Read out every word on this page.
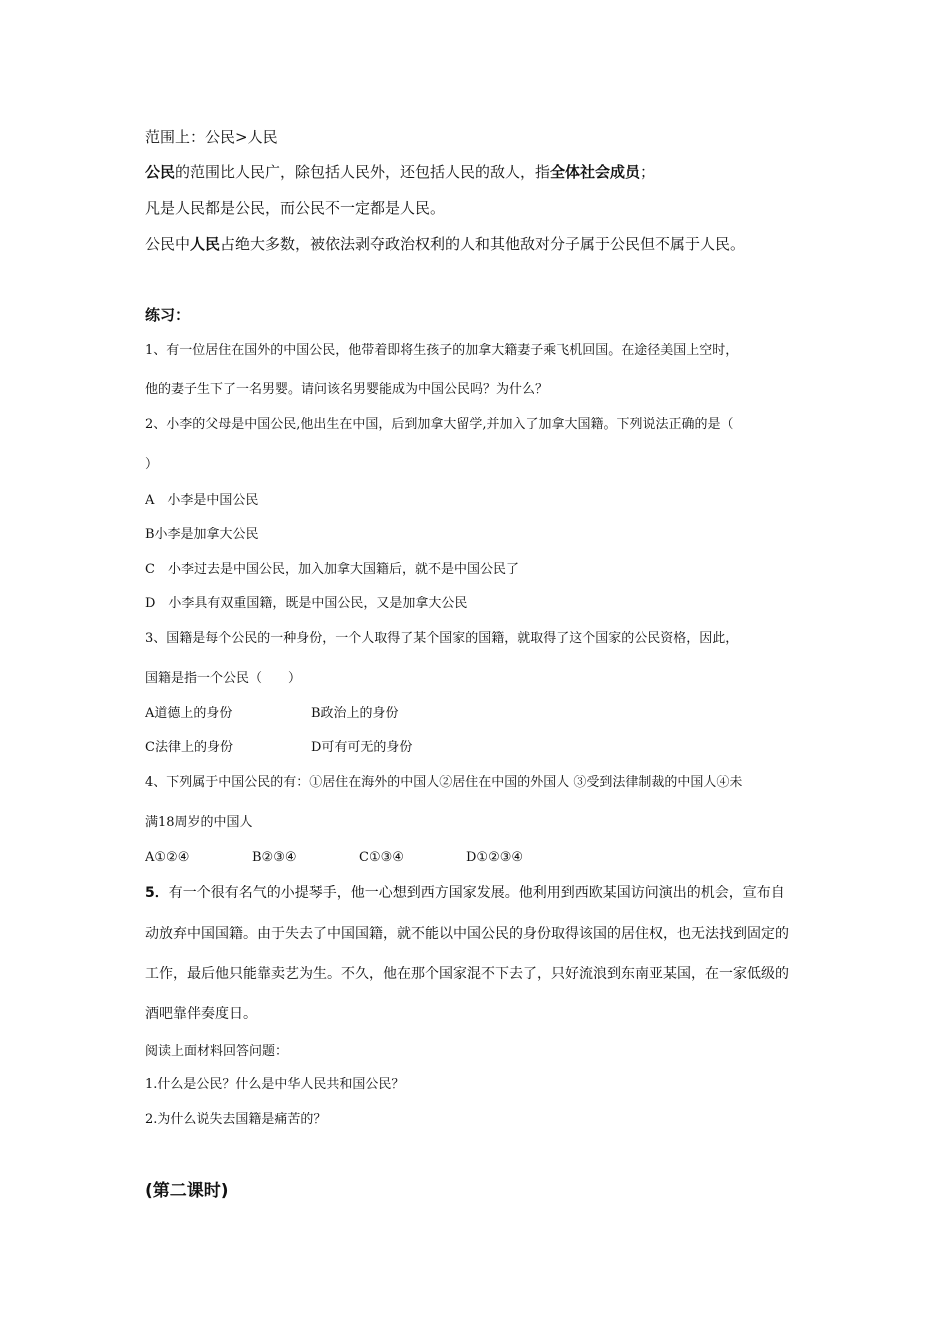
范围上：公民>人民
公民的范围比人民广，除包括人民外，还包括人民的敌人，指全体社会成员；
凡是人民都是公民，而公民不一定都是人民。
公民中人民占绝大多数，被依法剥夺政治权利的人和其他敌对分子属于公民但不属于人民。
练习：
1、有一位居住在国外的中国公民，他带着即将生孩子的加拿大籍妻子乘飞机回国。在途径美国上空时，
他的妻子生下了一名男婴。请问该名男婴能成为中国公民吗？为什么？
2、小李的父母是中国公民,他出生在中国，后到加拿大留学,并加入了加拿大国籍。下列说法正确的是（
）
A　小李是中国公民
B小李是加拿大公民
C　小李过去是中国公民，加入加拿大国籍后，就不是中国公民了
D　小李具有双重国籍，既是中国公民，又是加拿大公民
3、国籍是每个公民的一种身份，一个人取得了某个国家的国籍，就取得了这个国家的公民资格，因此，
国籍是指一个公民（　　）
A道德上的身份	B政治上的身份
C法律上的身份	D可有可无的身份
4、下列属于中国公民的有：①居住在海外的中国人②居住在中国的外国人 ③受到法律制裁的中国人④未
满18周岁的中国人
A①②④	B②③④	C①③④	D①②③④
5．有一个很有名气的小提琴手，他一心想到西方国家发展。他利用到西欧某国访问演出的机会，宣布自
动放弃中国国籍。由于失去了中国国籍，就不能以中国公民的身份取得该国的居住权，也无法找到固定的
工作，最后他只能靠卖艺为生。不久，他在那个国家混不下去了，只好流浪到东南亚某国，在一家低级的
酒吧靠伴奏度日。
阅读上面材料回答问题：
1.什么是公民？什么是中华人民共和国公民？
2.为什么说失去国籍是痛苦的？
(第二课时)
